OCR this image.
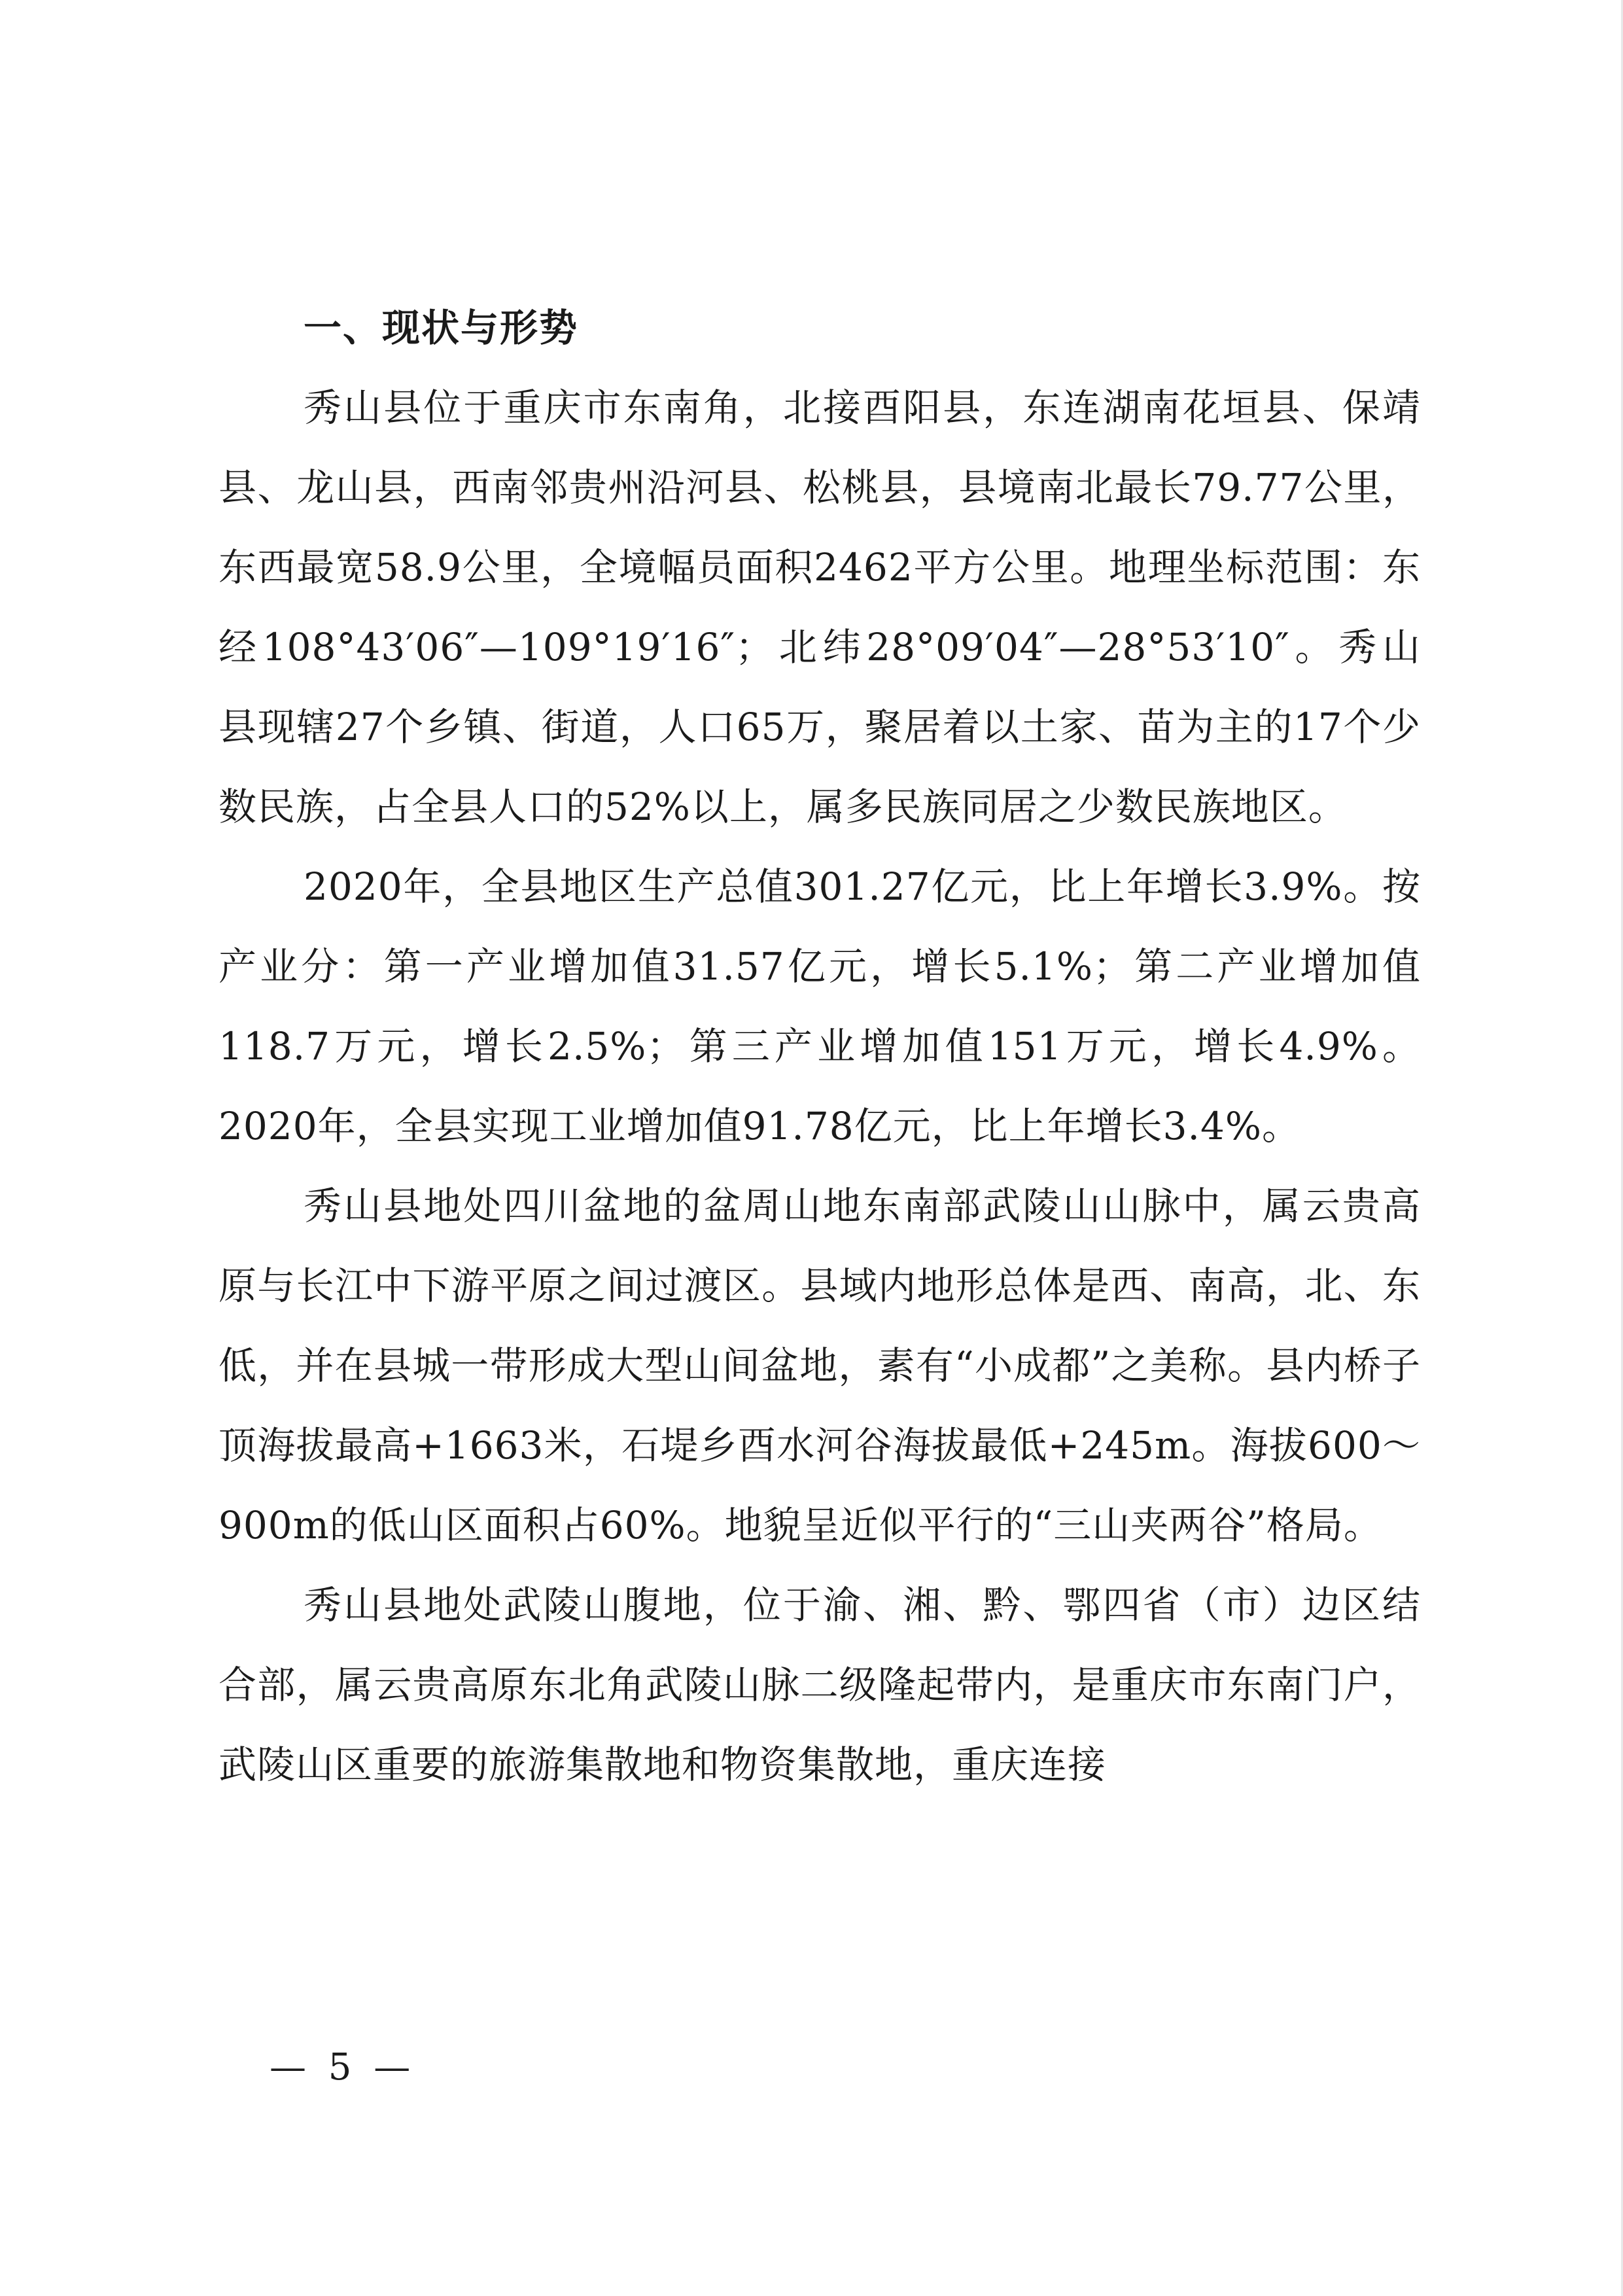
一、现状与形势

秀山县位于重庆市东南角，北接酉阳县，东连湖南花垣县、保靖县、龙山县，西南邻贵州沿河县、松桃县，县境南北最长79.77公里，东西最宽58.9公里，全境幅员面积2462平方公里。地理坐标范围：东经108°43′06″—109°19′16″；北纬28°09′04″—28°53′10″。秀山县现辖27个乡镇、街道，人口65万，聚居着以土家、苗为主的17个少数民族，占全县人口的52%以上，属多民族同居之少数民族地区。

2020年，全县地区生产总值301.27亿元，比上年增长3.9%。按产业分：第一产业增加值31.57亿元，增长5.1%；第二产业增加值118.7万元，增长2.5%；第三产业增加值151万元，增长4.9%。2020年，全县实现工业增加值91.78亿元，比上年增长3.4%。

秀山县地处四川盆地的盆周山地东南部武陵山山脉中，属云贵高原与长江中下游平原之间过渡区。县域内地形总体是西、南高，北、东低，并在县城一带形成大型山间盆地，素有“小成都”之美称。县内桥子顶海拔最高+1663米，石堤乡酉水河谷海拔最低+245m。海拔600～900m的低山区面积占60%。地貌呈近似平行的“三山夹两谷”格局。

秀山县地处武陵山腹地，位于渝、湘、黔、鄂四省（市）边区结合部，属云贵高原东北角武陵山脉二级隆起带内，是重庆市东南门户，武陵山区重要的旅游集散地和物资集散地，重庆连接

— 5 —
